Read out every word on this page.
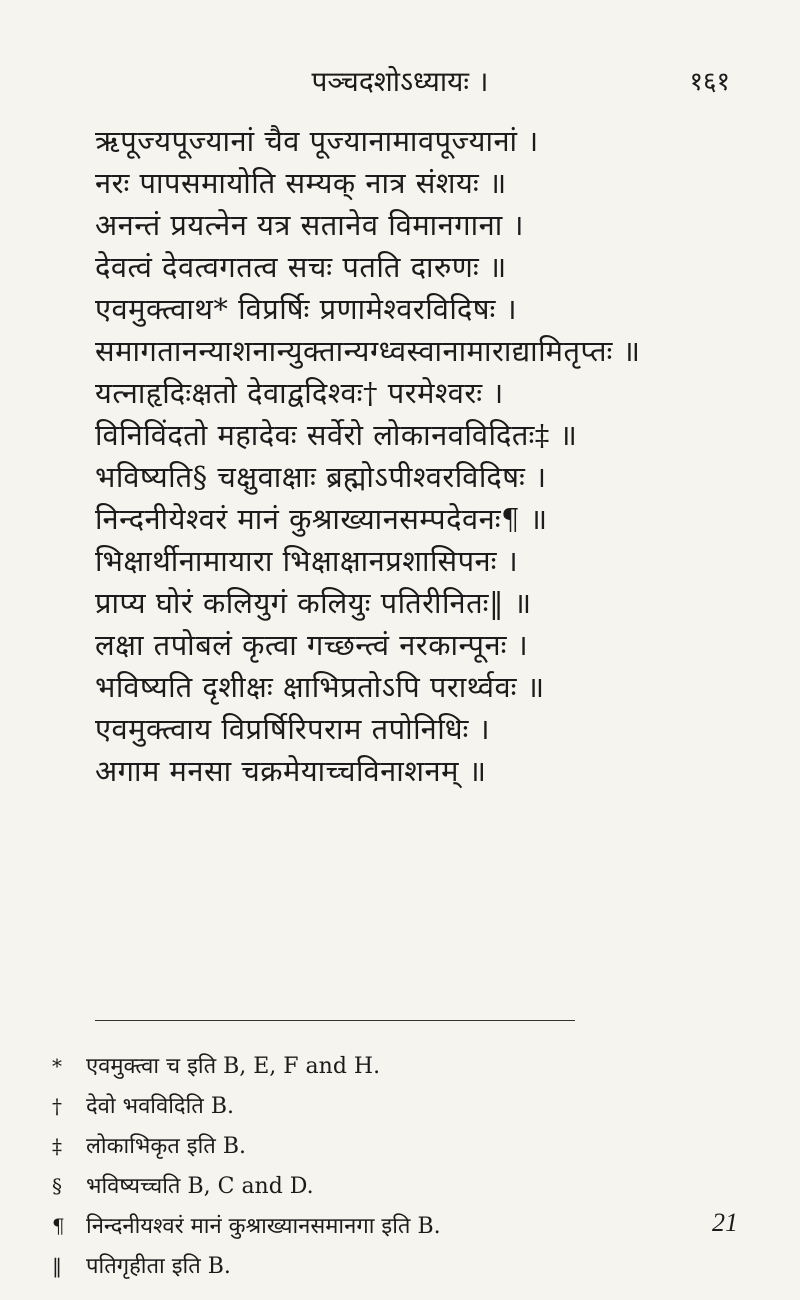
पञ्चदशोऽध्यायः ।	१६१
ऋपूज्यपूज्यानां चैव पूज्यानामावपूज्यानां ।
नरः पापसमायोति सम्यक् नात्र संशयः ॥
अनन्तं प्रयत्नेन यत्र सतानेव विमानगाना ।
देवत्वं देवत्वगतत्व सचः पतति दारुणः ॥
एवमुक्त्वाथ* विप्रर्षिः प्रणामेश्वरविदिषः ।
समागतानन्याशनान्युक्तान्यग्ध्वस्वानामाराद्यामितृप्तः ॥
यत्नाहृदिःक्षतो देवाद्वदिश्वः† परमेश्वरः ।
विनिविंदतो महादेवः सर्वेरो लोकानवविदितः‡ ॥
भविष्यति§ चक्षुवाक्षाः ब्रह्मोऽपीश्वरविदिषः ।
निन्दनीयेश्वरं मानं कुश्राख्यानसम्पदेवनः¶ ॥
भिक्षार्थीनामायारा भिक्षाक्षानप्रशासिपनः ।
प्राप्य घोरं कलियुगं कलियुः पतिरीनितः‖ ॥
लक्षा तपोबलं कृत्वा गच्छन्त्वं नरकान्पूनः ।
भविष्यति दृशीक्षः क्षाभिप्रतोऽपि परार्थ्ववः ॥
एवमुक्त्वाय विप्रर्षिरिपराम तपोनिधिः ।
अगाम मनसा चक्रमेयाच्चविनाशनम् ॥
* एवमुक्त्वा च इति B, E, F and H.
† देवो भवविदिति B.
‡ लोकाभिकृत इति B.
§ भविष्यच्चति B, C and D.
¶ निन्दनीयश्वरं मानं कुश्राख्यानसमानगा इति B.
‖ पतिगृहीता इति B.
21
